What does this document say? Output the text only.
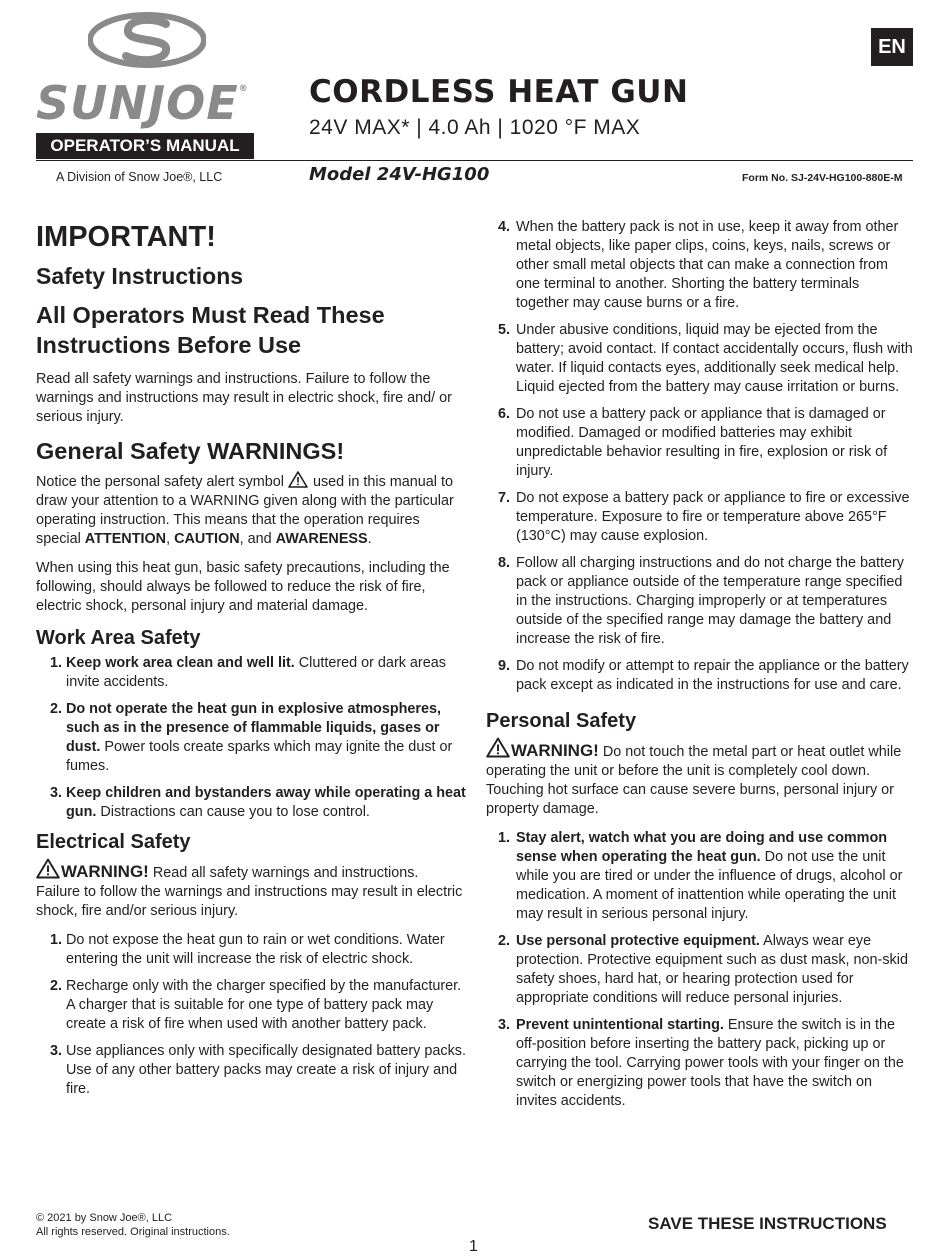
SUNJOE®
OPERATOR’S MANUAL
A Division of Snow Joe®, LLC
CORDLESS HEAT GUN
24V MAX* | 4.0 Ah | 1020 °F MAX
Model 24V-HG100	Form No. SJ-24V-HG100-880E-M
EN
IMPORTANT!
Safety Instructions
All Operators Must Read These Instructions Before Use

Read all safety warnings and instructions. Failure to follow the warnings and instructions may result in electric shock, fire and/ or serious injury.

General Safety WARNINGS!

Notice the personal safety alert symbol used in this manual to draw your attention to a WARNING given along with the particular operating instruction. This means that the operation requires special ATTENTION, CAUTION, and AWARENESS.

When using this heat gun, basic safety precautions, including the following, should always be followed to reduce the risk of fire, electric shock, personal injury and material damage.

Work Area Safety
1. Keep work area clean and well lit. Cluttered or dark areas invite accidents.
2. Do not operate the heat gun in explosive atmospheres, such as in the presence of flammable liquids, gases or dust. Power tools create sparks which may ignite the dust or fumes.
3. Keep children and bystanders away while operating a heat gun. Distractions can cause you to lose control.
Electrical Safety

WARNING! Read all safety warnings and instructions. Failure to follow the warnings and instructions may result in electric shock, fire and/or serious injury.

1. Do not expose the heat gun to rain or wet conditions. Water entering the unit will increase the risk of electric shock.
2. Recharge only with the charger specified by the manufacturer. A charger that is suitable for one type of battery pack may create a risk of fire when used with another battery pack.
3. Use appliances only with specifically designated battery packs. Use of any other battery packs may create a risk of injury and fire.
4. When the battery pack is not in use, keep it away from other metal objects, like paper clips, coins, keys, nails, screws or other small metal objects that can make a connection from one terminal to another. Shorting the battery terminals together may cause burns or a fire.
5. Under abusive conditions, liquid may be ejected from the battery; avoid contact. If contact accidentally occurs, flush with water. If liquid contacts eyes, additionally seek medical help. Liquid ejected from the battery may cause irritation or burns.
6. Do not use a battery pack or appliance that is damaged or modified. Damaged or modified batteries may exhibit unpredictable behavior resulting in fire, explosion or risk of injury.
7. Do not expose a battery pack or appliance to fire or excessive temperature. Exposure to fire or temperature above 265°F (130°C) may cause explosion.
8. Follow all charging instructions and do not charge the battery pack or appliance outside of the temperature range specified in the instructions. Charging improperly or at temperatures outside of the specified range may damage the battery and increase the risk of fire.
9. Do not modify or attempt to repair the appliance or the battery pack except as indicated in the instructions for use and care.
Personal Safety

WARNING! Do not touch the metal part or heat outlet while operating the unit or before the unit is completely cool down. Touching hot surface can cause severe burns, personal injury or property damage.

1. Stay alert, watch what you are doing and use common sense when operating the heat gun. Do not use the unit while you are tired or under the influence of drugs, alcohol or medication. A moment of inattention while operating the unit may result in serious personal injury.
2. Use personal protective equipment. Always wear eye protection. Protective equipment such as dust mask, non-skid safety shoes, hard hat, or hearing protection used for appropriate conditions will reduce personal injuries.
3. Prevent unintentional starting. Ensure the switch is in the off-position before inserting the battery pack, picking up or carrying the tool. Carrying power tools with your finger on the switch or energizing power tools that have the switch on invites accidents.
© 2021 by Snow Joe®, LLC
All rights reserved. Original instructions.	SAVE THESE INSTRUCTIONS
1
